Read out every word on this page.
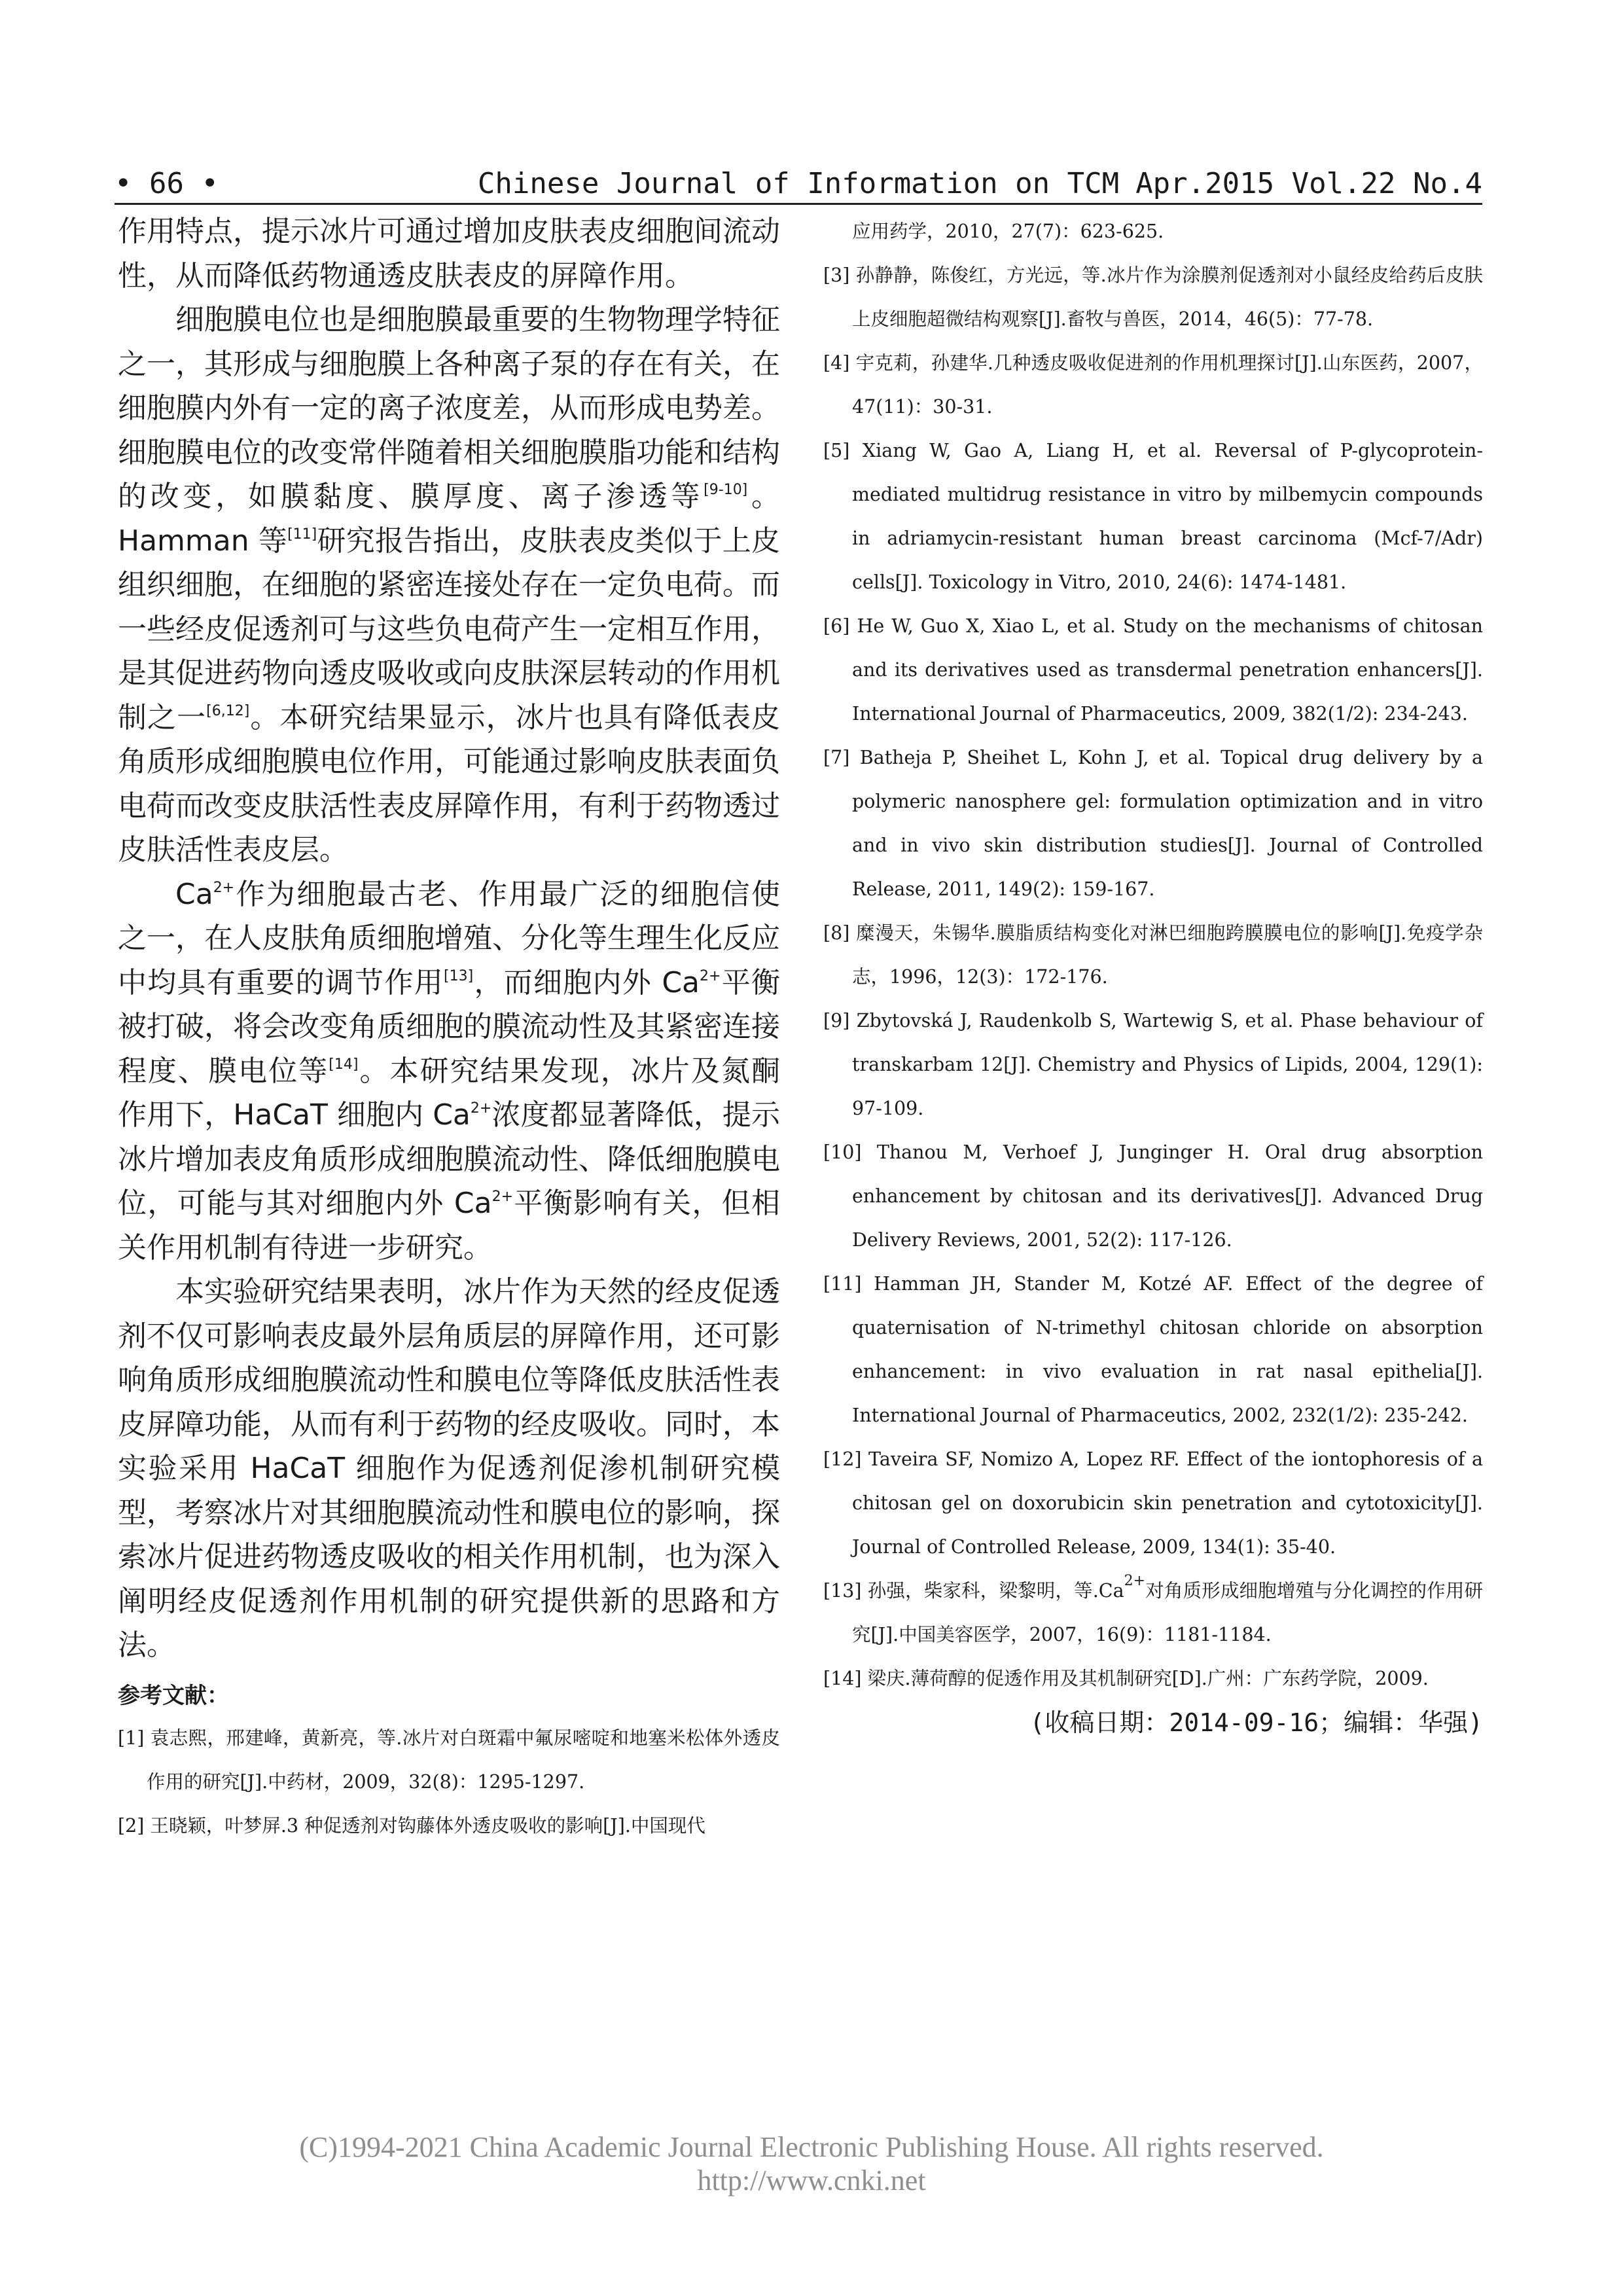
• 66 •	Chinese Journal of Information on TCM Apr.2015 Vol.22 No.4

作用特点，提示冰片可通过增加皮肤表皮细胞间流动性，从而降低药物通透皮肤表皮的屏障作用。

细胞膜电位也是细胞膜最重要的生物物理学特征之一，其形成与细胞膜上各种离子泵的存在有关，在细胞膜内外有一定的离子浓度差，从而形成电势差。细胞膜电位的改变常伴随着相关细胞膜脂功能和结构的改变，如膜黏度、膜厚度、离子渗透等[9-10]。Hamman 等[11]研究报告指出，皮肤表皮类似于上皮组织细胞，在细胞的紧密连接处存在一定负电荷。而一些经皮促透剂可与这些负电荷产生一定相互作用，是其促进药物向透皮吸收或向皮肤深层转动的作用机制之一[6,12]。本研究结果显示，冰片也具有降低表皮角质形成细胞膜电位作用，可能通过影响皮肤表面负电荷而改变皮肤活性表皮屏障作用，有利于药物透过皮肤活性表皮层。

$Ca^{2+}$作为细胞最古老、作用最广泛的细胞信使之一，在人皮肤角质细胞增殖、分化等生理生化反应中均具有重要的调节作用[13]，而细胞内外 $Ca^{2+}$平衡被打破，将会改变角质细胞的膜流动性及其紧密连接程度、膜电位等[14]。本研究结果发现，冰片及氮酮作用下，HaCaT 细胞内 $Ca^{2+}$浓度都显著降低，提示冰片增加表皮角质形成细胞膜流动性、降低细胞膜电位，可能与其对细胞内外 $Ca^{2+}$平衡影响有关，但相关作用机制有待进一步研究。

本实验研究结果表明，冰片作为天然的经皮促透剂不仅可影响表皮最外层角质层的屏障作用，还可影响角质形成细胞膜流动性和膜电位等降低皮肤活性表皮屏障功能，从而有利于药物的经皮吸收。同时，本实验采用 HaCaT 细胞作为促透剂促渗机制研究模型，考察冰片对其细胞膜流动性和膜电位的影响，探索冰片促进药物透皮吸收的相关作用机制，也为深入阐明经皮促透剂作用机制的研究提供新的思路和方法。

参考文献：

[1] 袁志熙，邢建峰，黄新亮，等.冰片对白斑霜中氟尿嘧啶和地塞米松体外透皮作用的研究[J].中药材，2009，32(8)：1295-1297.

[2] 王晓颖，叶梦屏.3 种促透剂对钩藤体外透皮吸收的影响[J].中国现代

应用药学，2010，27(7)：623-625.

[3] 孙静静，陈俊红，方光远，等.冰片作为涂膜剂促透剂对小鼠经皮给药后皮肤上皮细胞超微结构观察[J].畜牧与兽医，2014，46(5)：77-78.

[4] 宇克莉，孙建华.几种透皮吸收促进剂的作用机理探讨[J].山东医药，2007，47(11)：30-31.

[5] Xiang W, Gao A, Liang H, et al. Reversal of P-glycoprotein-mediated multidrug resistance in vitro by milbemycin compounds in adriamycin-resistant human breast carcinoma (Mcf-7/Adr) cells[J]. Toxicology in Vitro, 2010, 24(6): 1474-1481.

[6] He W, Guo X, Xiao L, et al. Study on the mechanisms of chitosan and its derivatives used as transdermal penetration enhancers[J]. International Journal of Pharmaceutics, 2009, 382(1/2): 234-243.

[7] Batheja P, Sheihet L, Kohn J, et al. Topical drug delivery by a polymeric nanosphere gel: formulation optimization and in vitro and in vivo skin distribution studies[J]. Journal of Controlled Release, 2011, 149(2): 159-167.

[8] 糜漫天，朱锡华.膜脂质结构变化对淋巴细胞跨膜膜电位的影响[J].免疫学杂志，1996，12(3)：172-176.

[9] Zbytovská J, Raudenkolb S, Wartewig S, et al. Phase behaviour of transkarbam 12[J]. Chemistry and Physics of Lipids, 2004, 129(1): 97-109.

[10] Thanou M, Verhoef J, Junginger H. Oral drug absorption enhancement by chitosan and its derivatives[J]. Advanced Drug Delivery Reviews, 2001, 52(2): 117-126.

[11] Hamman JH, Stander M, Kotzé AF. Effect of the degree of quaternisation of N-trimethyl chitosan chloride on absorption enhancement: in vivo evaluation in rat nasal epithelia[J]. International Journal of Pharmaceutics, 2002, 232(1/2): 235-242.

[12] Taveira SF, Nomizo A, Lopez RF. Effect of the iontophoresis of a chitosan gel on doxorubicin skin penetration and cytotoxicity[J]. Journal of Controlled Release, 2009, 134(1): 35-40.

[13] 孙强，柴家科，梁黎明，等$.Ca^{2+}$对角质形成细胞增殖与分化调控的作用研究[J].中国美容医学，2007，16(9)：1181-1184.

[14] 梁庆.薄荷醇的促透作用及其机制研究[D].广州：广东药学院，2009.

(收稿日期：2014-09-16；编辑：华强)
(C)1994-2021 China Academic Journal Electronic Publishing House. All rights reserved. http://www.cnki.net
